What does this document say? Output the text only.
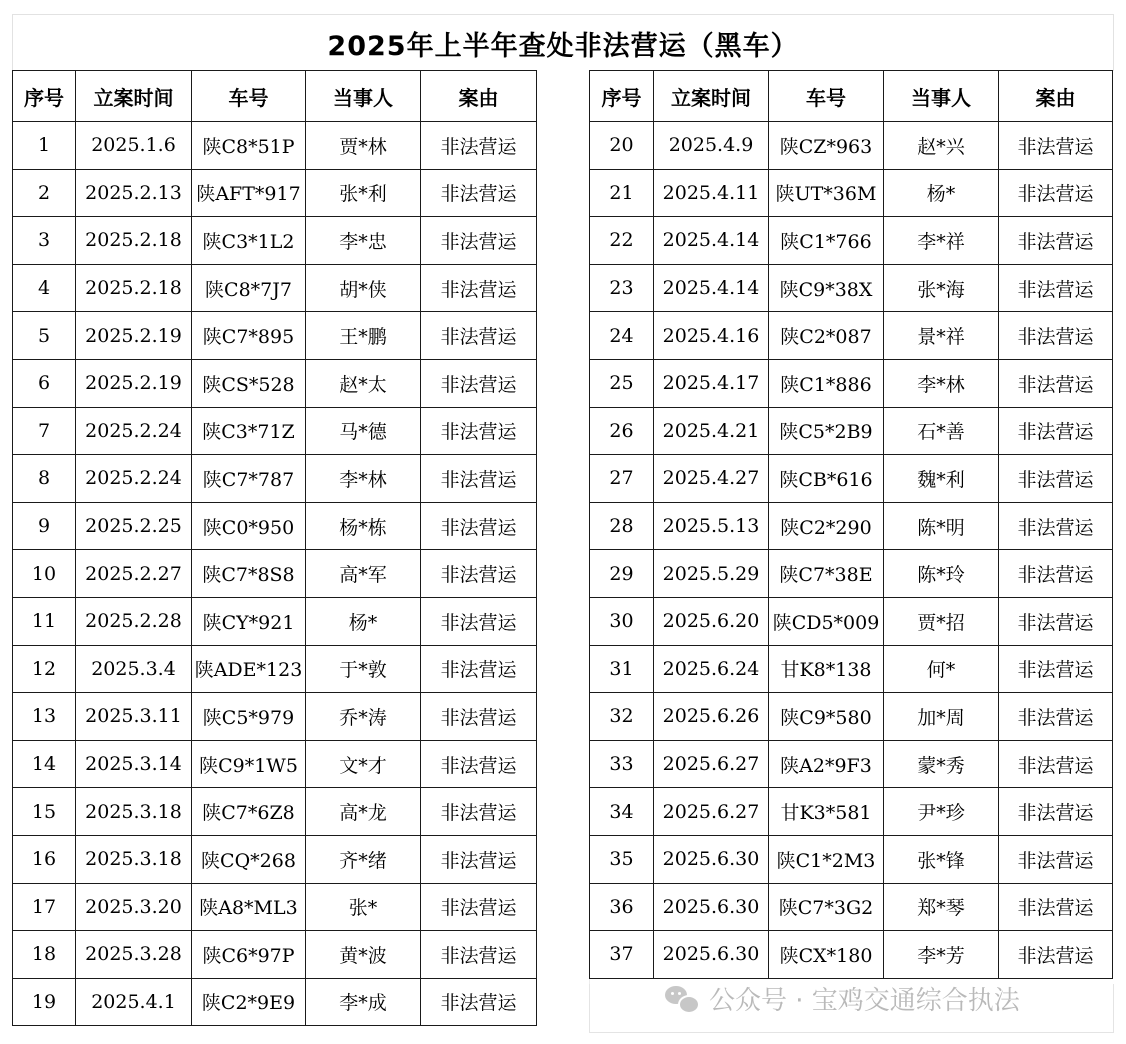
2025年上半年查处非法营运（黑车）
序号	立案时间	车号	当事人	案由
1	2025.1.6	陕C8*51P	贾*林	非法营运
2	2025.2.13	陕AFT*917	张*利	非法营运
3	2025.2.18	陕C3*1L2	李*忠	非法营运
4	2025.2.18	陕C8*7J7	胡*侠	非法营运
5	2025.2.19	陕C7*895	王*鹏	非法营运
6	2025.2.19	陕CS*528	赵*太	非法营运
7	2025.2.24	陕C3*71Z	马*德	非法营运
8	2025.2.24	陕C7*787	李*林	非法营运
9	2025.2.25	陕C0*950	杨*栋	非法营运
10	2025.2.27	陕C7*8S8	高*军	非法营运
11	2025.2.28	陕CY*921	杨*	非法营运
12	2025.3.4	陕ADE*123	于*敦	非法营运
13	2025.3.11	陕C5*979	乔*涛	非法营运
14	2025.3.14	陕C9*1W5	文*才	非法营运
15	2025.3.18	陕C7*6Z8	高*龙	非法营运
16	2025.3.18	陕CQ*268	齐*绪	非法营运
17	2025.3.20	陕A8*ML3	张*	非法营运
18	2025.3.28	陕C6*97P	黄*波	非法营运
19	2025.4.1	陕C2*9E9	李*成	非法营运
序号	立案时间	车号	当事人	案由
20	2025.4.9	陕CZ*963	赵*兴	非法营运
21	2025.4.11	陕UT*36M	杨*	非法营运
22	2025.4.14	陕C1*766	李*祥	非法营运
23	2025.4.14	陕C9*38X	张*海	非法营运
24	2025.4.16	陕C2*087	景*祥	非法营运
25	2025.4.17	陕C1*886	李*林	非法营运
26	2025.4.21	陕C5*2B9	石*善	非法营运
27	2025.4.27	陕CB*616	魏*利	非法营运
28	2025.5.13	陕C2*290	陈*明	非法营运
29	2025.5.29	陕C7*38E	陈*玲	非法营运
30	2025.6.20	陕CD5*009	贾*招	非法营运
31	2025.6.24	甘K8*138	何*	非法营运
32	2025.6.26	陕C9*580	加*周	非法营运
33	2025.6.27	陕A2*9F3	蒙*秀	非法营运
34	2025.6.27	甘K3*581	尹*珍	非法营运
35	2025.6.30	陕C1*2M3	张*锋	非法营运
36	2025.6.30	陕C7*3G2	郑*琴	非法营运
37	2025.6.30	陕CX*180	李*芳	非法营运
公众号 · 宝鸡交通综合执法
